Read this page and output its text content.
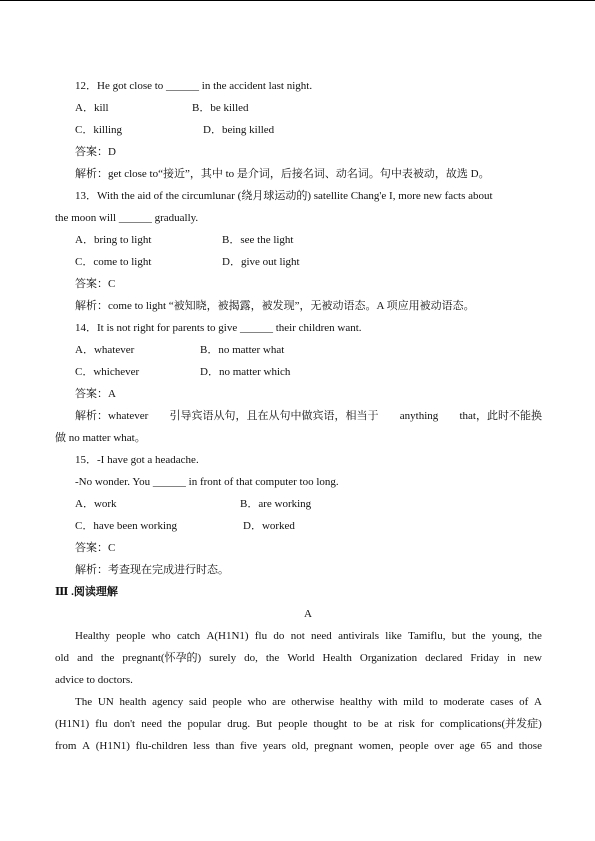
12．He got close to ______ in the accident last night.
A．kill	B．be killed
C．killing	D．being killed
答案：D
解析：get close to“接近”，其中 to 是介词，后接名词、动名词。句中表被动，故选 D。
13．With the aid of the circumlunar (绕月球运动的) satellite Chang'e I, more new facts about
the moon will ______ gradually.
A．bring to light	B．see the light
C．come to light	D．give out light
答案：C
解析：come to light “被知晓，被揭露，被发现”，无被动语态。A 项应用被动语态。
14．It is not right for parents to give ______ their children want.
A．whatever	B．no matter what
C．whichever	D．no matter which
答案：A
解析：whatever 引导宾语从句，且在从句中做宾语，相当于 anything that，此时不能换
做 no matter what。
15．-I have got a headache.
-No wonder. You ______ in front of that computer too long.
A．work	B．are working
C．have been working	D．worked
答案：C
解析：考查现在完成进行时态。
Ⅲ .阅读理解
A
Healthy people who catch A(H1N1) flu do not need antivirals like Tamiflu, but the young, the
old and the pregnant(怀孕的) surely do, the World Health Organization declared Friday in new
advice to doctors.
The UN health agency said people who are otherwise healthy with mild to moderate cases of A
(H1N1) flu don't need the popular drug. But people thought to be at risk for complications(并发症)
from A (H1N1) flu-children less than five years old, pregnant women, people over age 65 and those
